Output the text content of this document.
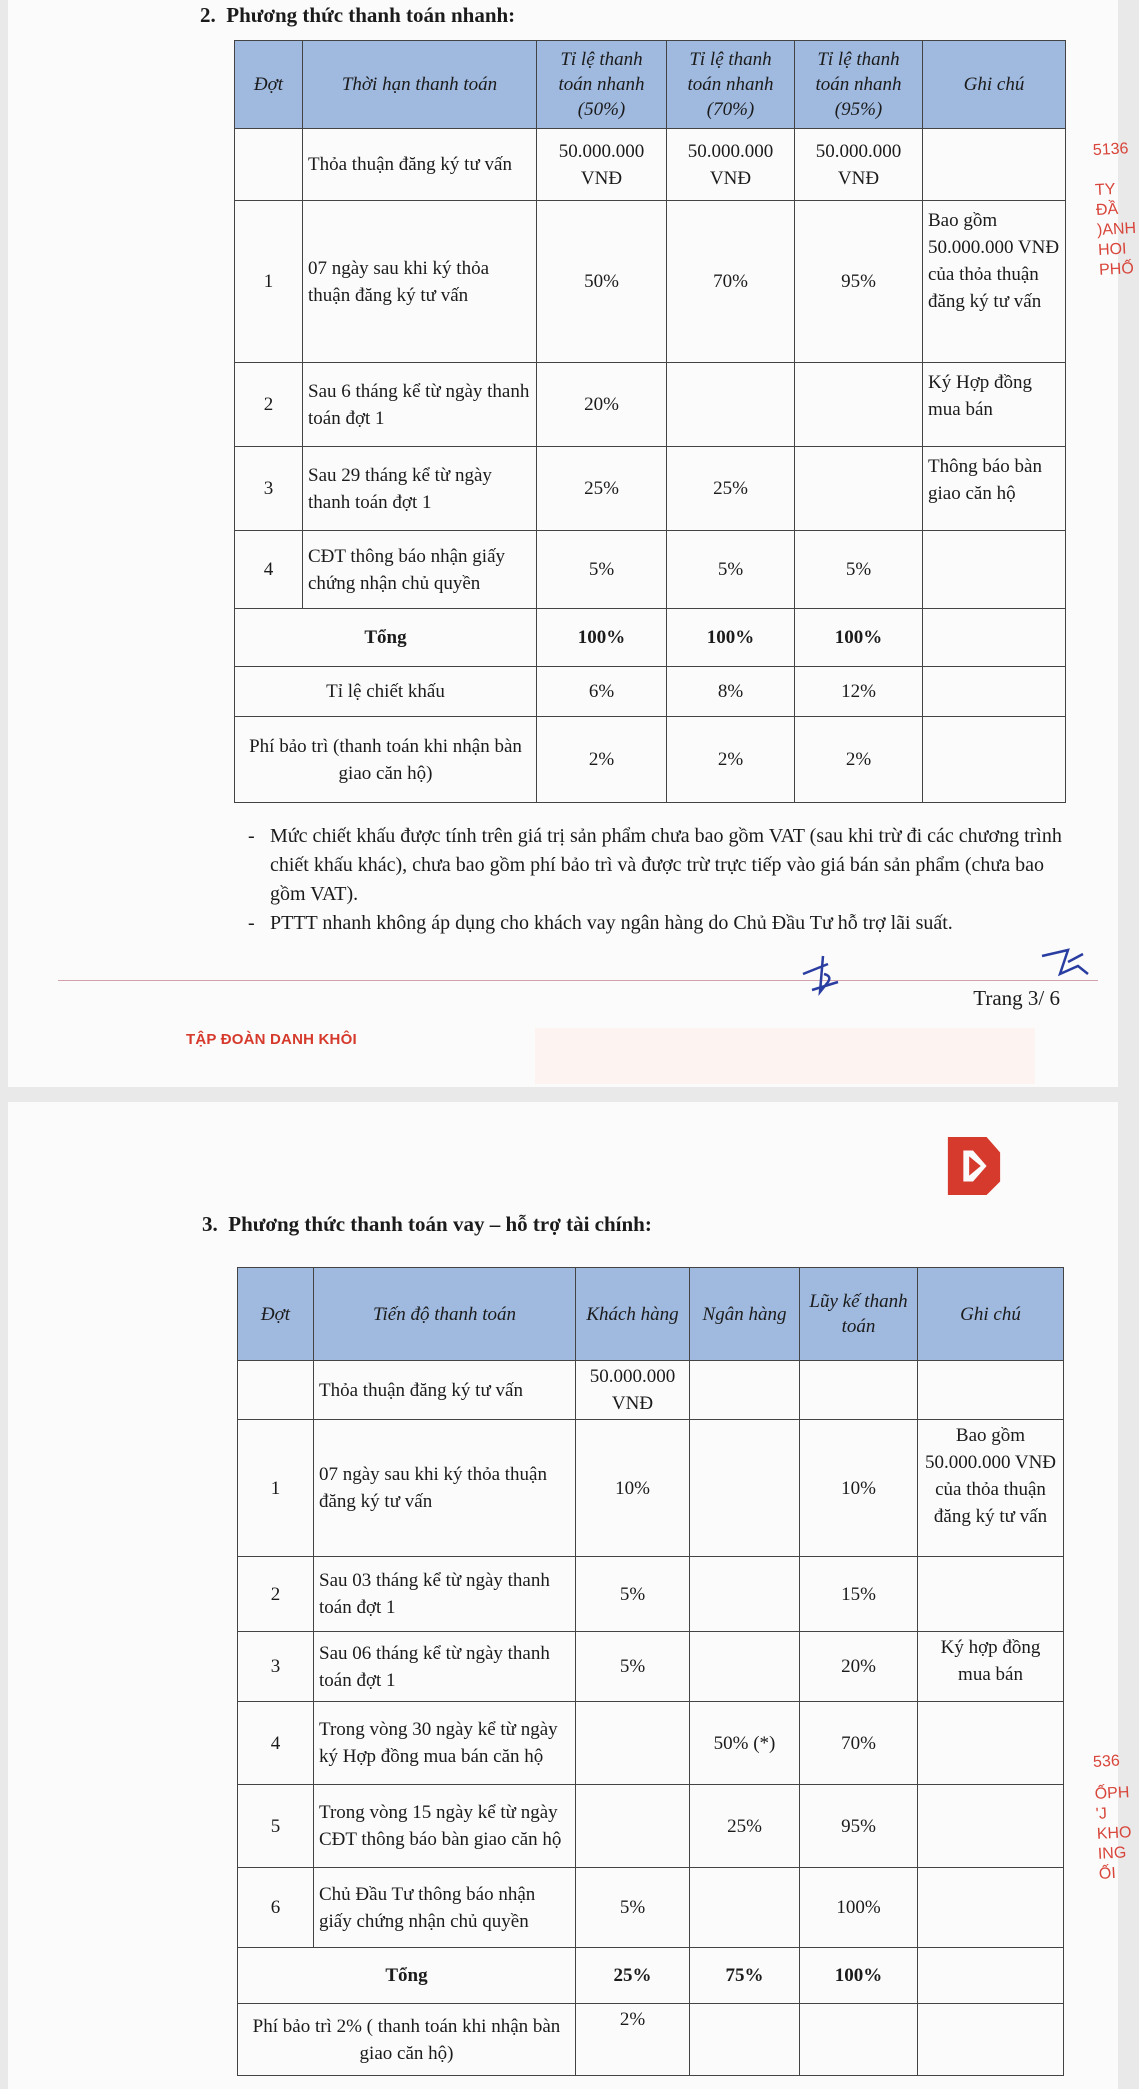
2.  Phương thức thanh toán nhanh:
Đợt	Thời hạn thanh toán	Tỉ lệ thanh toán nhanh (50%)	Tỉ lệ thanh toán nhanh (70%)	Tỉ lệ thanh toán nhanh (95%)	Ghi chú
	Thỏa thuận đăng ký tư vấn	50.000.000 VNĐ	50.000.000 VNĐ	50.000.000 VNĐ	
1	07 ngày sau khi ký thỏa thuận đăng ký tư vấn	50%	70%	95%	Bao gồm 50.000.000 VNĐ của thỏa thuận đăng ký tư vấn
2	Sau 6 tháng kể từ ngày thanh toán đợt 1	20%			Ký Hợp đồng mua bán
3	Sau 29 tháng kể từ ngày thanh toán đợt 1	25%	25%		Thông báo bàn giao căn hộ
4	CĐT thông báo nhận giấy chứng nhận chủ quyền	5%	5%	5%	
Tổng		100%	100%	100%	
Tỉ lệ chiết khấu		6%	8%	12%	
Phí bảo trì (thanh toán khi nhận bàn giao căn hộ)		2%	2%	2%	
- Mức chiết khấu được tính trên giá trị sản phẩm chưa bao gồm VAT (sau khi trừ đi các chương trình chiết khấu khác), chưa bao gồm phí bảo trì và được trừ trực tiếp vào giá bán sản phẩm (chưa bao gồm VAT).
- PTTT nhanh không áp dụng cho khách vay ngân hàng do Chủ Đầu Tư hỗ trợ lãi suất.
Trang 3/ 6
TẬP ĐOÀN DANH KHÔI
5136
ΤΥ
ĐẦ
)ANH
HOI
PHỐ
3.  Phương thức thanh toán vay – hỗ trợ tài chính:
Đợt	Tiến độ thanh toán	Khách hàng	Ngân hàng	Lũy kế thanh toán	Ghi chú
	Thỏa thuận đăng ký tư vấn	50.000.000 VNĐ			
1	07 ngày sau khi ký thỏa thuận đăng ký tư vấn	10%		10%	Bao gồm 50.000.000 VNĐ của thỏa thuận đăng ký tư vấn
2	Sau 03 tháng kể từ ngày thanh toán đợt 1	5%		15%	
3	Sau 06 tháng kể từ ngày thanh toán đợt 1	5%		20%	Ký hợp đồng mua bán
4	Trong vòng 30 ngày kể từ ngày ký Hợp đồng mua bán căn hộ		50% (*)	70%	
5	Trong vòng 15 ngày kể từ ngày CĐT thông báo bàn giao căn hộ		25%	95%	
6	Chủ Đầu Tư thông báo nhận giấy chứng nhận chủ quyền	5%		100%	
Tổng		25%	75%	100%	
Phí bảo trì 2% ( thanh toán khi nhận bàn giao căn hộ)		2%			
536
ỐPH
'J
KHO
ING
ỐI
